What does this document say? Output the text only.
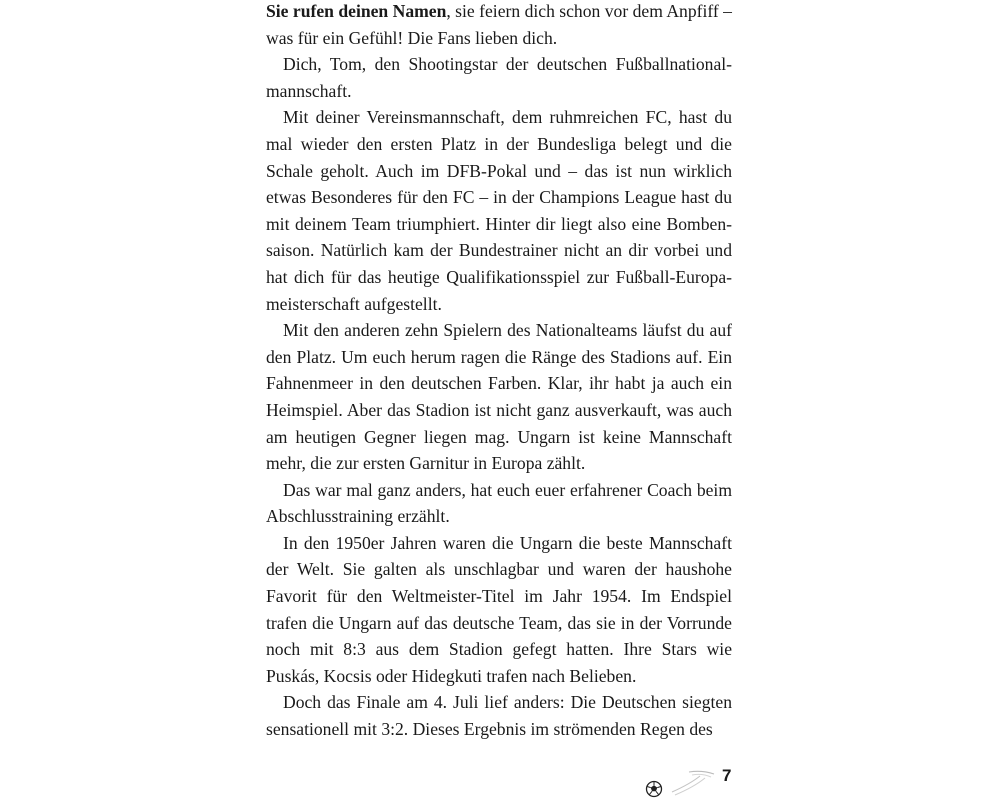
Sie rufen deinen Namen, sie feiern dich schon vor dem Anpfiff – was für ein Gefühl! Die Fans lieben dich.

Dich, Tom, den Shootingstar der deutschen Fußballnationalmannschaft.

Mit deiner Vereinsmannschaft, dem ruhmreichen FC, hast du mal wieder den ersten Platz in der Bundesliga belegt und die Schale geholt. Auch im DFB-Pokal und – das ist nun wirklich etwas Besonderes für den FC – in der Champions League hast du mit deinem Team triumphiert. Hinter dir liegt also eine Bombensaison. Natürlich kam der Bundestrainer nicht an dir vorbei und hat dich für das heutige Qualifikationsspiel zur Fußball-Europameisterschaft aufgestellt.

Mit den anderen zehn Spielern des Nationalteams läufst du auf den Platz. Um euch herum ragen die Ränge des Stadions auf. Ein Fahnenmeer in den deutschen Farben. Klar, ihr habt ja auch ein Heimspiel. Aber das Stadion ist nicht ganz ausverkauft, was auch am heutigen Gegner liegen mag. Ungarn ist keine Mannschaft mehr, die zur ersten Garnitur in Europa zählt.

Das war mal ganz anders, hat euch euer erfahrener Coach beim Abschlusstraining erzählt.

In den 1950er Jahren waren die Ungarn die beste Mannschaft der Welt. Sie galten als unschlagbar und waren der haushohe Favorit für den Weltmeister-Titel im Jahr 1954. Im Endspiel trafen die Ungarn auf das deutsche Team, das sie in der Vorrunde noch mit 8:3 aus dem Stadion gefegt hatten. Ihre Stars wie Puskás, Kocsis oder Hidegkuti trafen nach Belieben.

Doch das Finale am 4. Juli lief anders: Die Deutschen siegten sensationell mit 3:2. Dieses Ergebnis im strömenden Regen des

7
